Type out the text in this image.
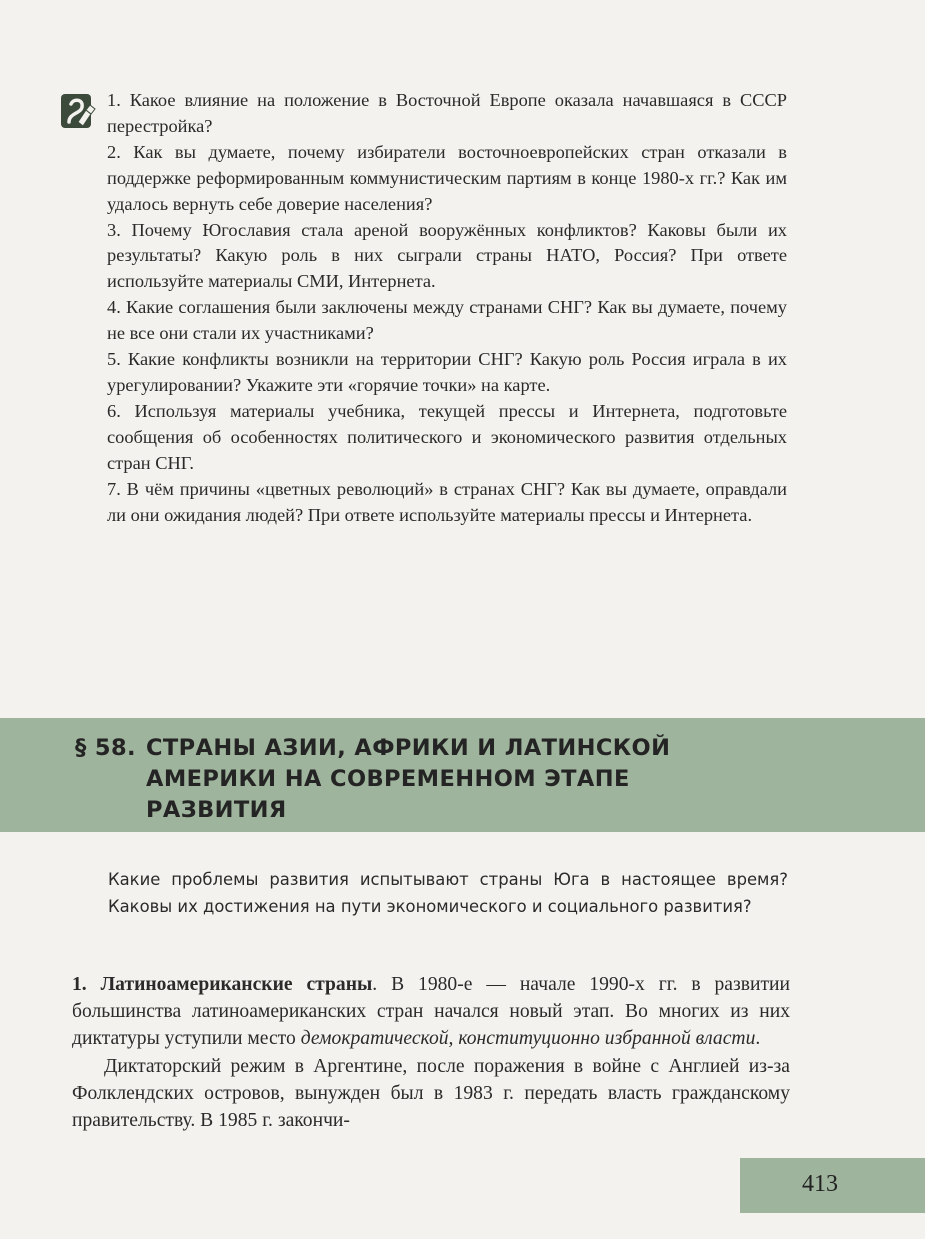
1. Какое влияние на положение в Восточной Европе оказала начавшаяся в СССР перестройка?
2. Как вы думаете, почему избиратели восточноевропейских стран отказали в поддержке реформированным коммунистическим партиям в конце 1980-х гг.? Как им удалось вернуть себе доверие населения?
3. Почему Югославия стала ареной вооружённых конфликтов? Каковы были их результаты? Какую роль в них сыграли страны НАТО, Россия? При ответе используйте материалы СМИ, Интернета.
4. Какие соглашения были заключены между странами СНГ? Как вы думаете, почему не все они стали их участниками?
5. Какие конфликты возникли на территории СНГ? Какую роль Россия играла в их урегулировании? Укажите эти «горячие точки» на карте.
6. Используя материалы учебника, текущей прессы и Интернета, подготовьте сообщения об особенностях политического и экономического развития отдельных стран СНГ.
7. В чём причины «цветных революций» в странах СНГ? Как вы думаете, оправдали ли они ожидания людей? При ответе используйте материалы прессы и Интернета.
§ 58. СТРАНЫ АЗИИ, АФРИКИ И ЛАТИНСКОЙ
АМЕРИКИ НА СОВРЕМЕННОМ ЭТАПЕ
РАЗВИТИЯ

Какие проблемы развития испытывают страны Юга в настоящее время? Каковы их достижения на пути экономического и социального развития?

1. Латиноамериканские страны. В 1980-е — начале 1990-х гг. в развитии большинства латиноамериканских стран начался новый этап. Во многих из них диктатуры уступили место демократической, конституционно избранной власти.

Диктаторский режим в Аргентине, после поражения в войне с Англией из-за Фолклендских островов, вынужден был в 1983 г. передать власть гражданскому правительству. В 1985 г. закончи-

413
